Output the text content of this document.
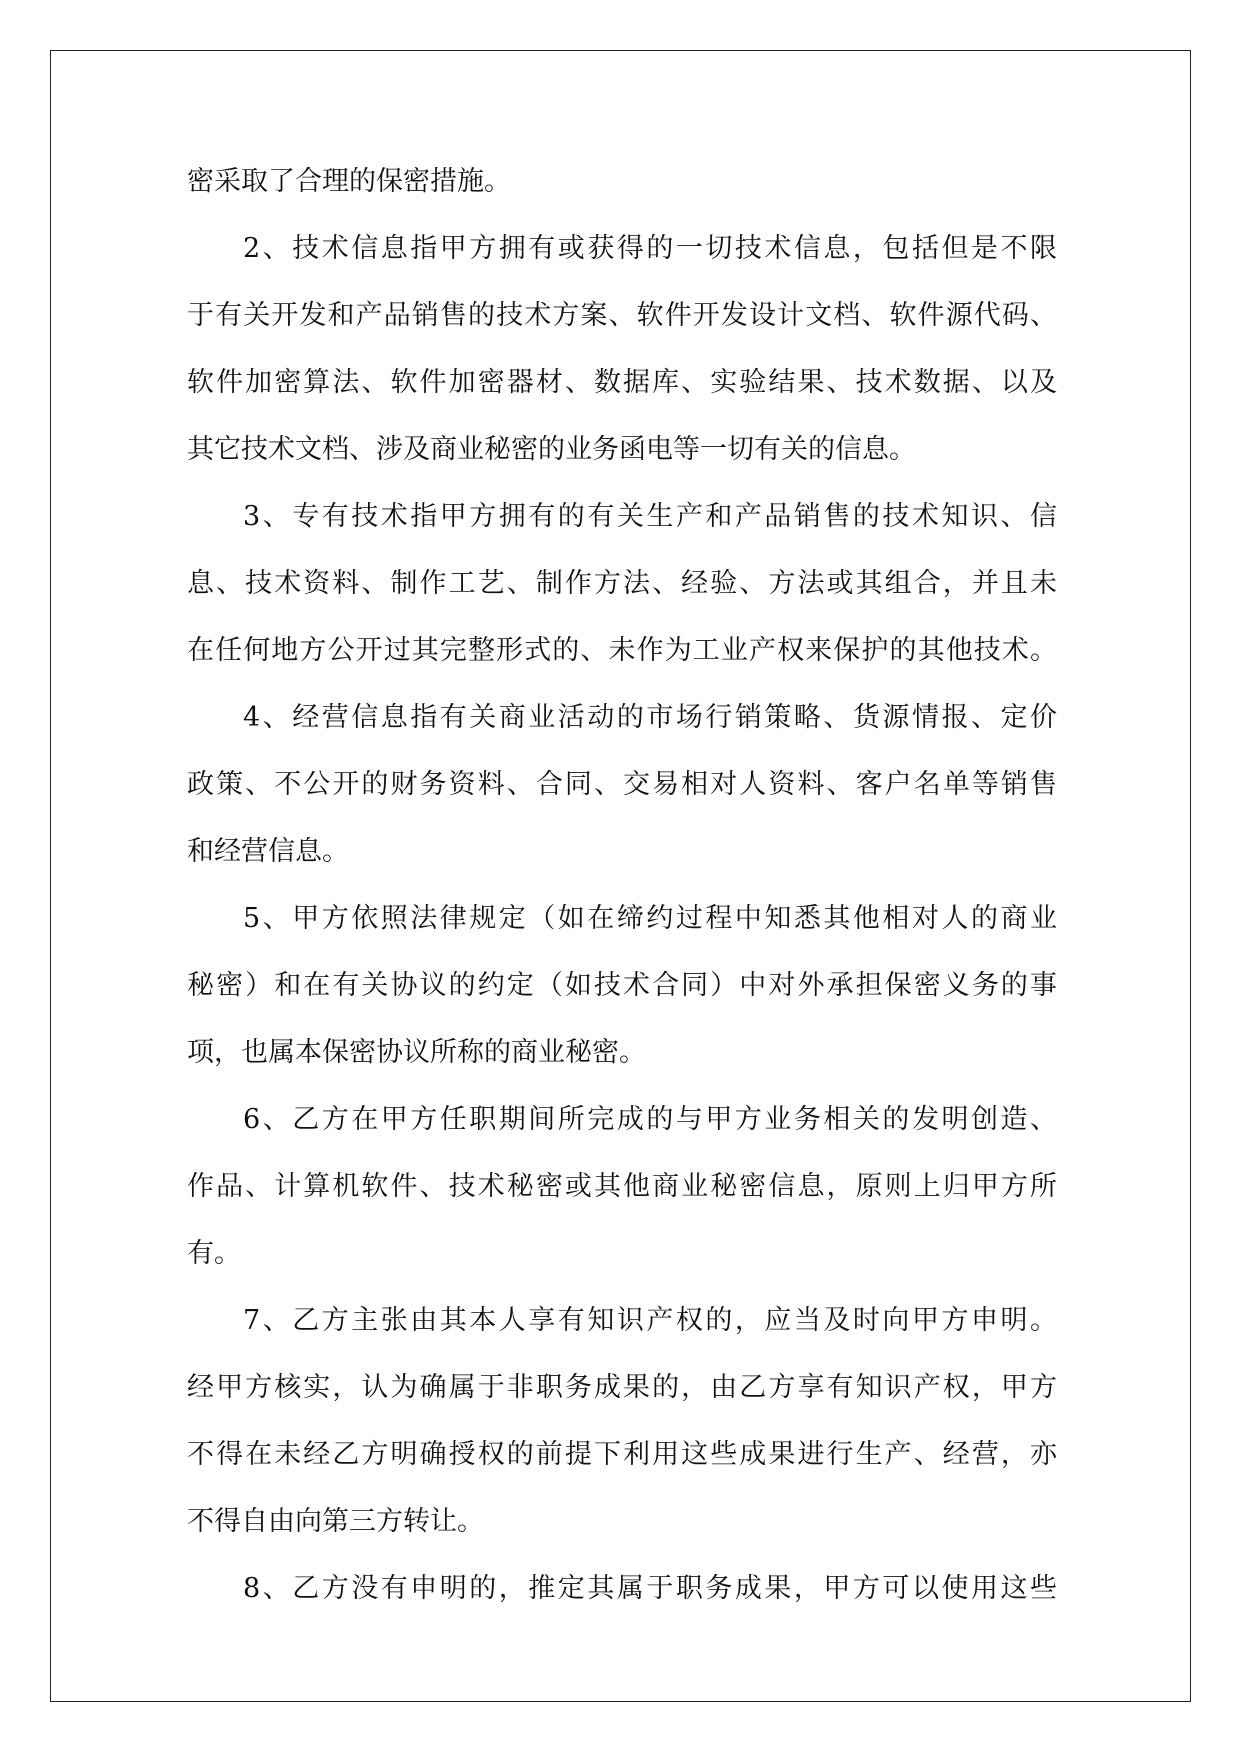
密采取了合理的保密措施。
2、技术信息指甲方拥有或获得的一切技术信息，包括但是不限
于有关开发和产品销售的技术方案、软件开发设计文档、软件源代码、
软件加密算法、软件加密器材、数据库、实验结果、技术数据、以及
其它技术文档、涉及商业秘密的业务函电等一切有关的信息。
3、专有技术指甲方拥有的有关生产和产品销售的技术知识、信
息、技术资料、制作工艺、制作方法、经验、方法或其组合，并且未
在任何地方公开过其完整形式的、未作为工业产权来保护的其他技术。
4、经营信息指有关商业活动的市场行销策略、货源情报、定价
政策、不公开的财务资料、合同、交易相对人资料、客户名单等销售
和经营信息。
5、甲方依照法律规定（如在缔约过程中知悉其他相对人的商业
秘密）和在有关协议的约定（如技术合同）中对外承担保密义务的事
项，也属本保密协议所称的商业秘密。
6、乙方在甲方任职期间所完成的与甲方业务相关的发明创造、
作品、计算机软件、技术秘密或其他商业秘密信息，原则上归甲方所
有。
7、乙方主张由其本人享有知识产权的，应当及时向甲方申明。
经甲方核实，认为确属于非职务成果的，由乙方享有知识产权，甲方
不得在未经乙方明确授权的前提下利用这些成果进行生产、经营，亦
不得自由向第三方转让。
8、乙方没有申明的，推定其属于职务成果，甲方可以使用这些
